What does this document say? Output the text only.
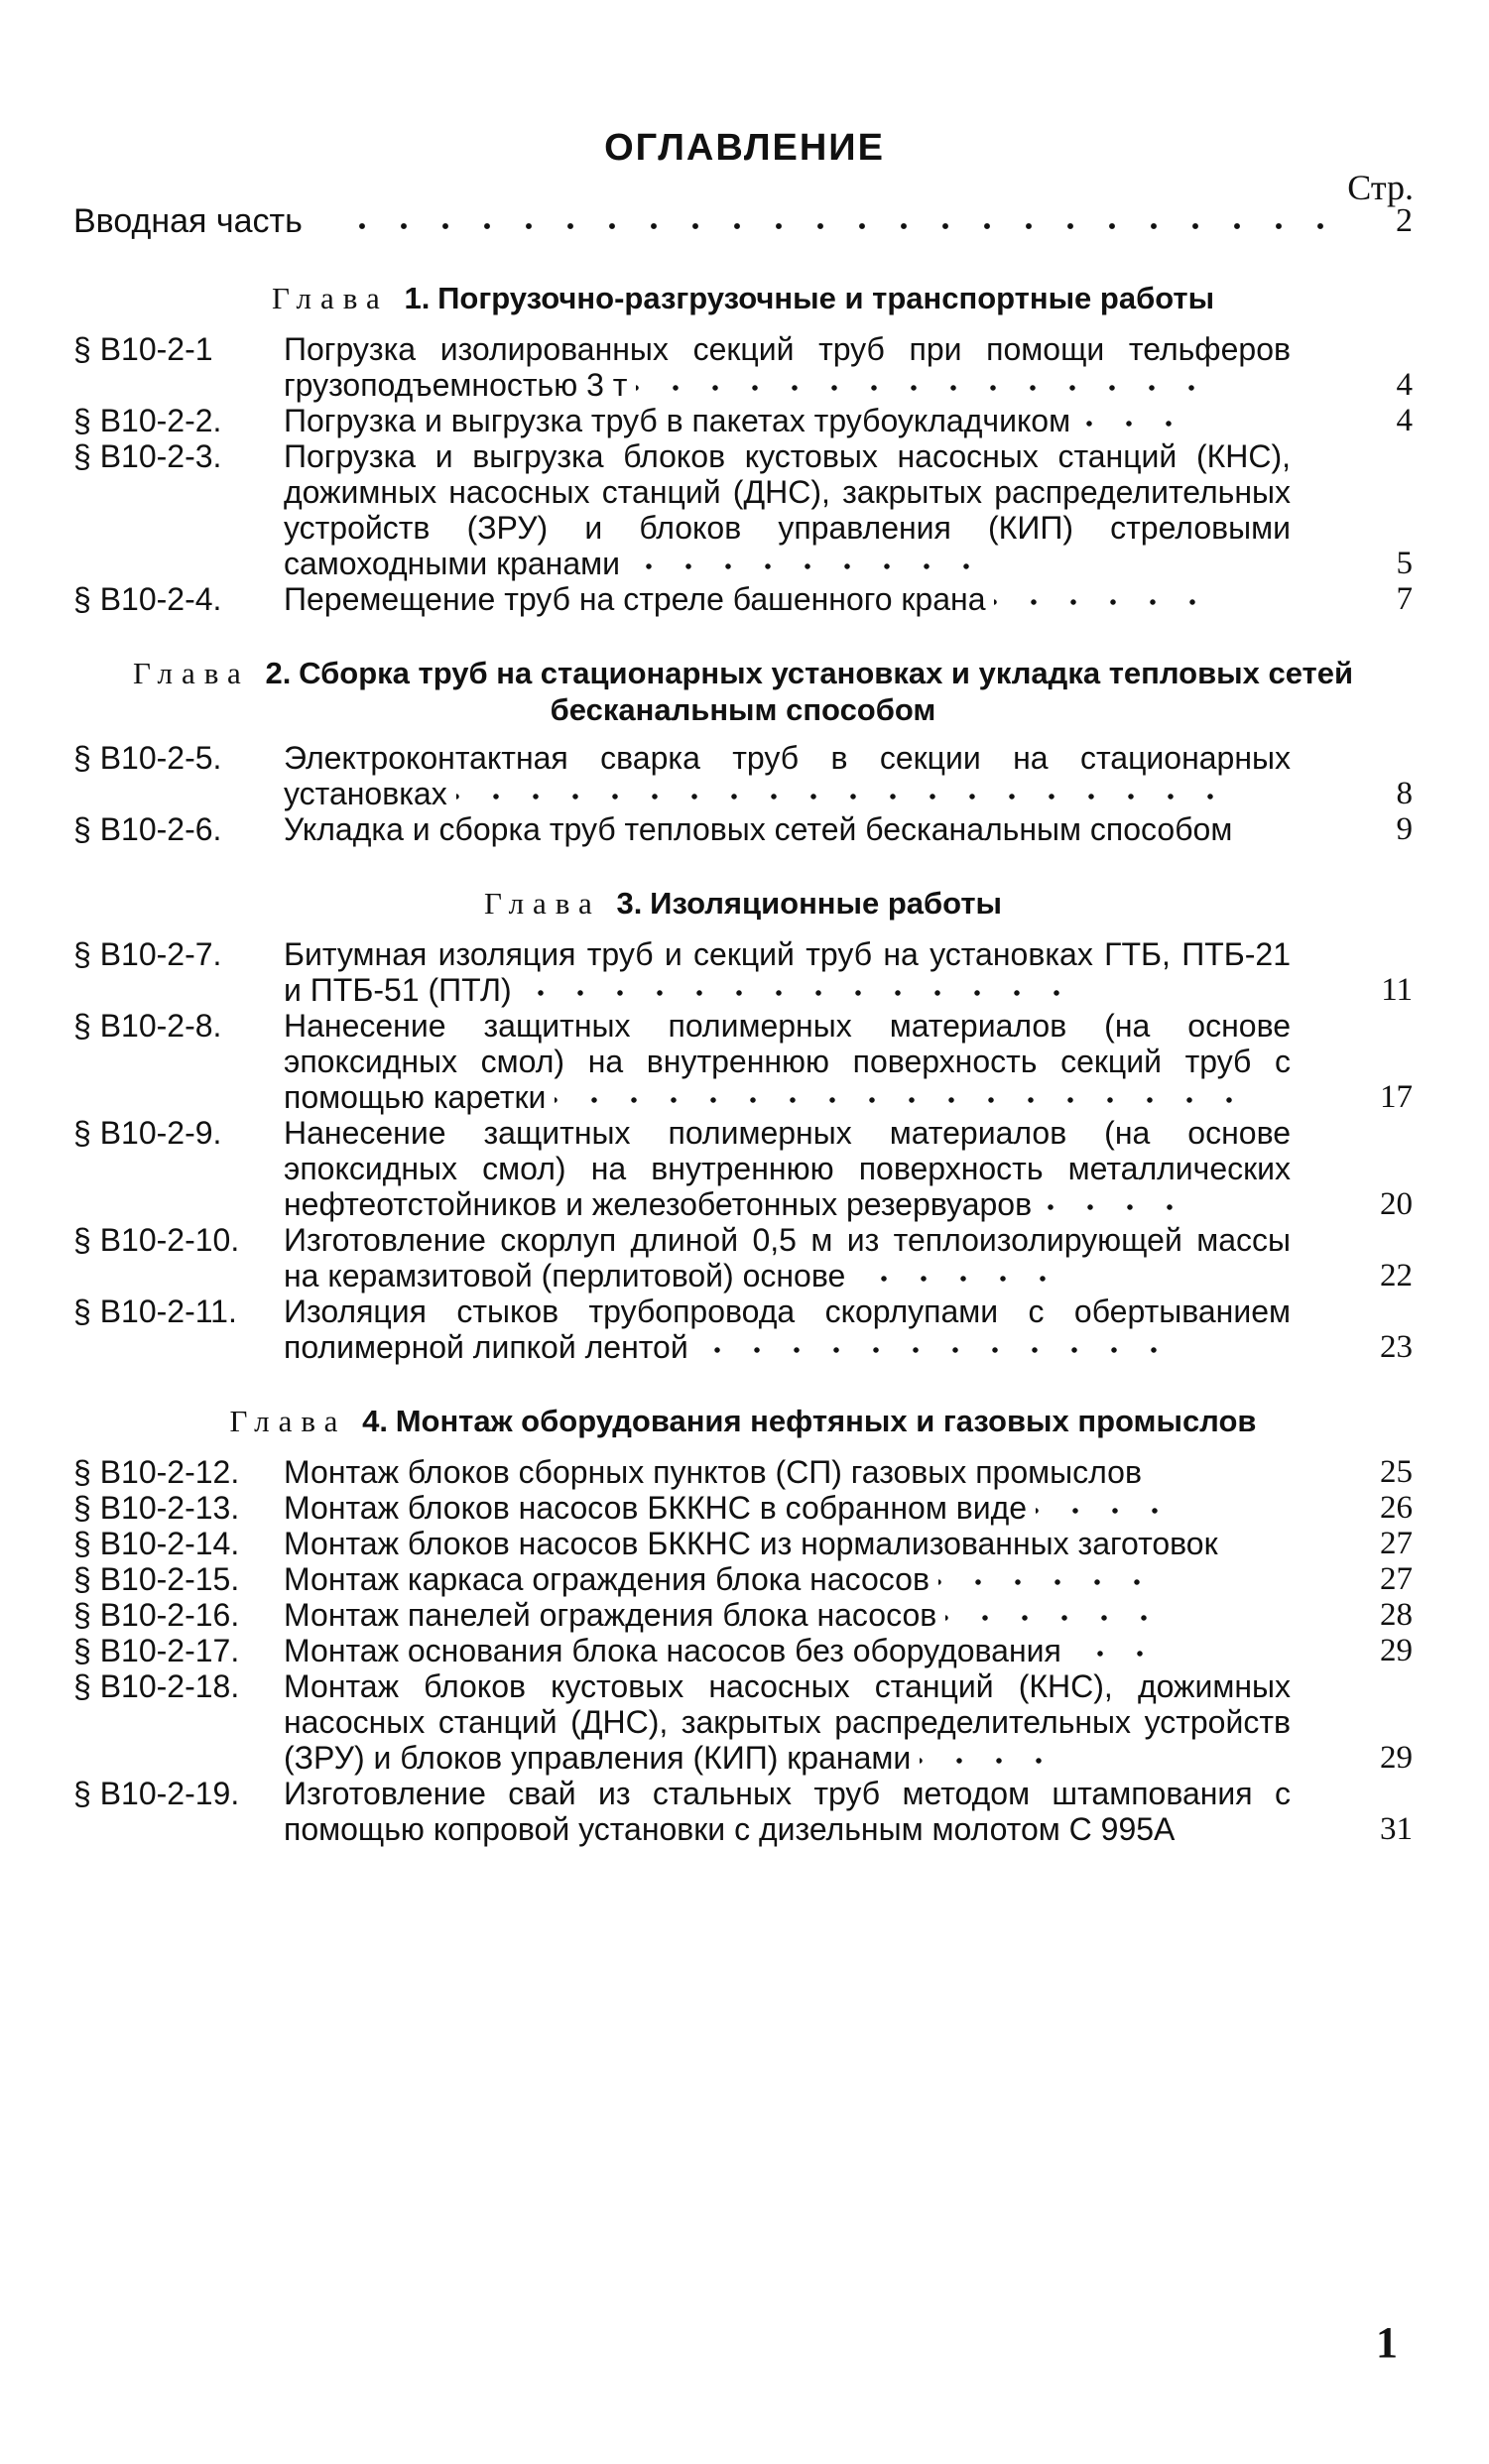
ОГЛАВЛЕНИЕ
Стр.
Вводная часть	2
Глава 1. Погрузочно-разгрузочные и транспортные работы
§ В10-2-1 Погрузка изолированных секций труб при помощи тельферов грузоподъемностью 3 т	4
§ В10-2-2. Погрузка и выгрузка труб в пакетах трубоукладчиком	4
§ В10-2-3. Погрузка и выгрузка блоков кустовых насосных станций (КНС), дожимных насосных станций (ДНС), закрытых распределительных устройств (ЗРУ) и блоков управления (КИП) стреловыми самоходными кранами	5
§ В10-2-4. Перемещение труб на стреле башенного крана	7
Глава 2. Сборка труб на стационарных установках и укладка тепловых сетей бесканальным способом
§ В10-2-5. Электроконтактная сварка труб в секции на стационарных установках	8
§ В10-2-6. Укладка и сборка труб тепловых сетей бесканальным способом	9
Глава 3. Изоляционные работы
§ В10-2-7. Битумная изоляция труб и секций труб на установках ГТБ, ПТБ-21 и ПТБ-51 (ПТЛ)	11
§ В10-2-8. Нанесение защитных полимерных материалов (на основе эпоксидных смол) на внутреннюю поверхность секций труб с помощью каретки	17
§ В10-2-9. Нанесение защитных полимерных материалов (на основе эпоксидных смол) на внутреннюю поверхность металлических нефтеотстойников и железобетонных резервуаров	20
§ В10-2-10. Изготовление скорлуп длиной 0,5 м из теплоизолирующей массы на керамзитовой (перлитовой) основе	22
§ В10-2-11. Изоляция стыков трубопровода скорлупами с обертыванием полимерной липкой лентой	23
Глава 4. Монтаж оборудования нефтяных и газовых промыслов
§ В10-2-12. Монтаж блоков сборных пунктов (СП) газовых промыслов	25
§ В10-2-13. Монтаж блоков насосов БККНС в собранном виде	26
§ В10-2-14. Монтаж блоков насосов БККНС из нормализованных заготовок	27
§ В10-2-15. Монтаж каркаса ограждения блока насосов	27
§ В10-2-16. Монтаж панелей ограждения блока насосов	28
§ В10-2-17. Монтаж основания блока насосов без оборудования	29
§ В10-2-18. Монтаж блоков кустовых насосных станций (КНС), дожимных насосных станций (ДНС), закрытых распределительных устройств (ЗРУ) и блоков управления (КИП) кранами	29
§ В10-2-19. Изготовление свай из стальных труб методом штампования с помощью копровой установки с дизельным молотом С 995А	31
1
